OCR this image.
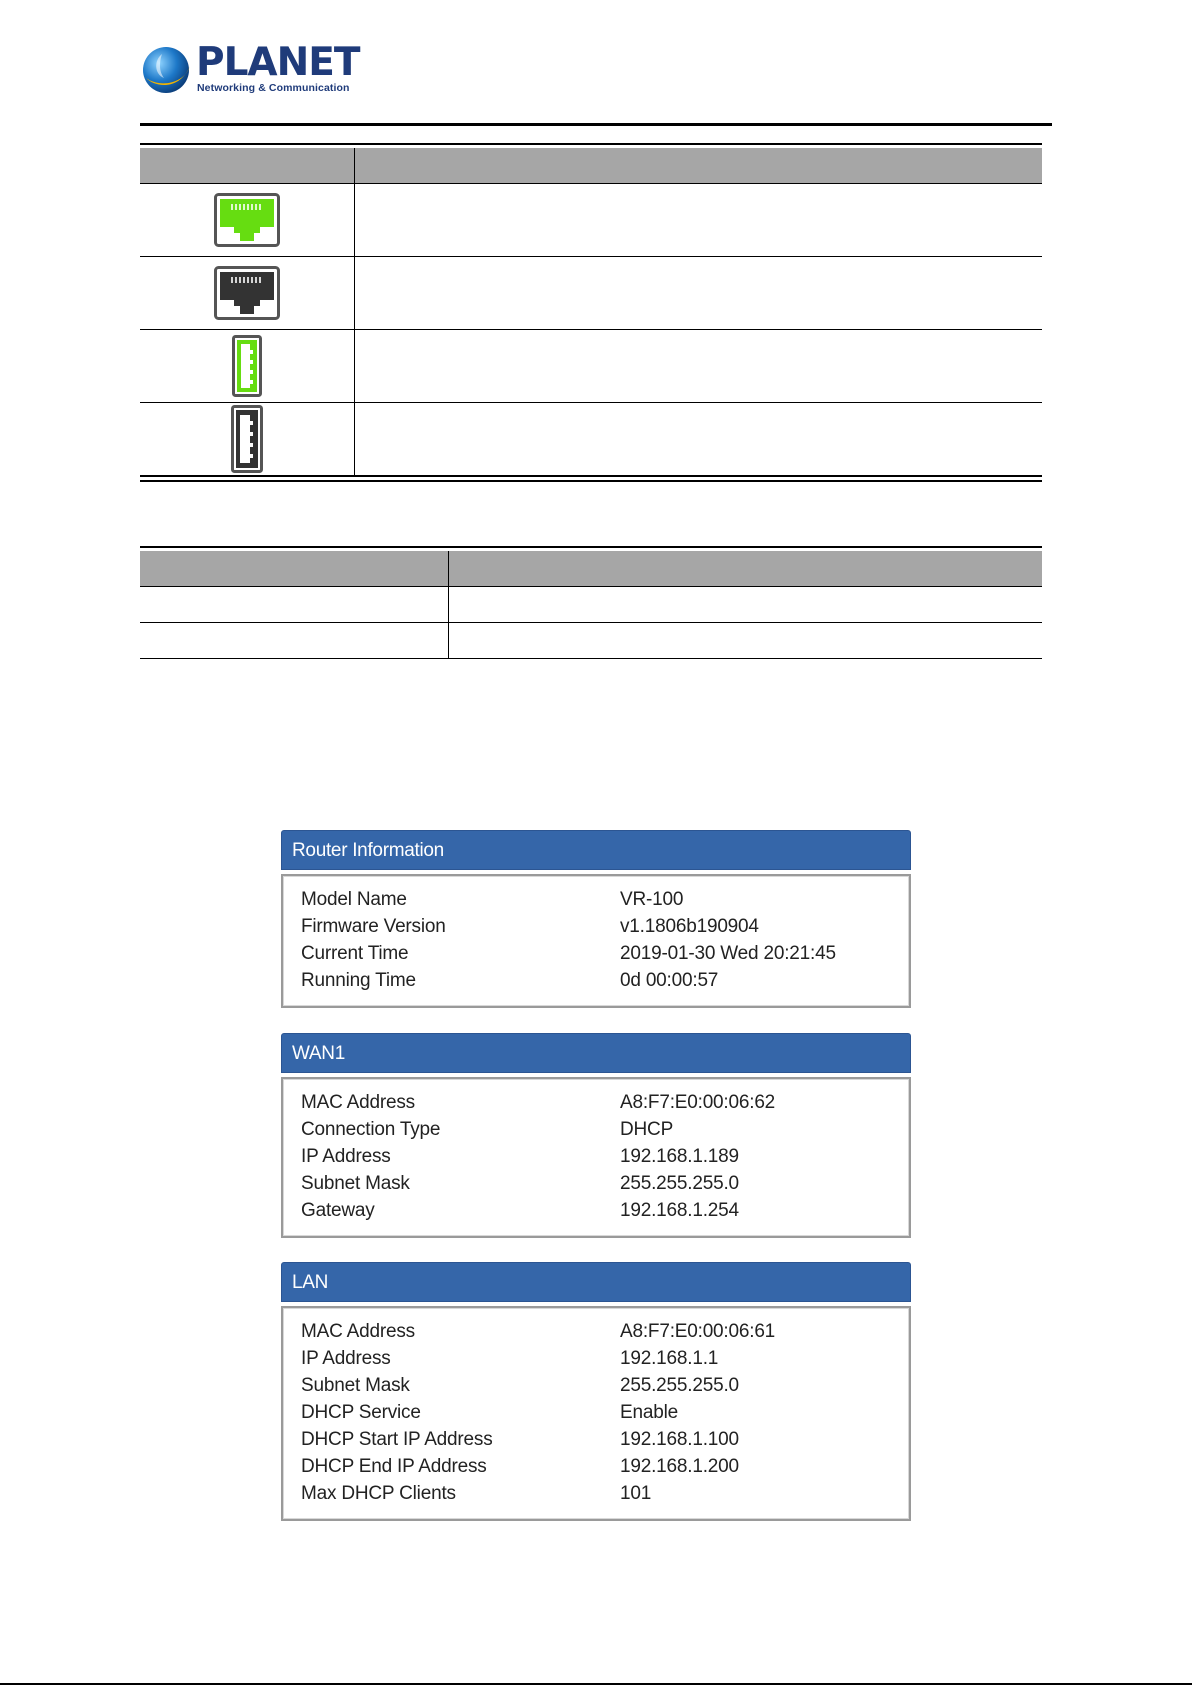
PLANET
Networking & Communication
Router Information
Model Name	VR-100
Firmware Version	v1.1806b190904
Current Time	2019-01-30 Wed 20:21:45
Running Time	0d 00:00:57
WAN1
MAC Address	A8:F7:E0:00:06:62
Connection Type	DHCP
IP Address	192.168.1.189
Subnet Mask	255.255.255.0
Gateway	192.168.1.254
LAN
MAC Address	A8:F7:E0:00:06:61
IP Address	192.168.1.1
Subnet Mask	255.255.255.0
DHCP Service	Enable
DHCP Start IP Address	192.168.1.100
DHCP End IP Address	192.168.1.200
Max DHCP Clients	101
